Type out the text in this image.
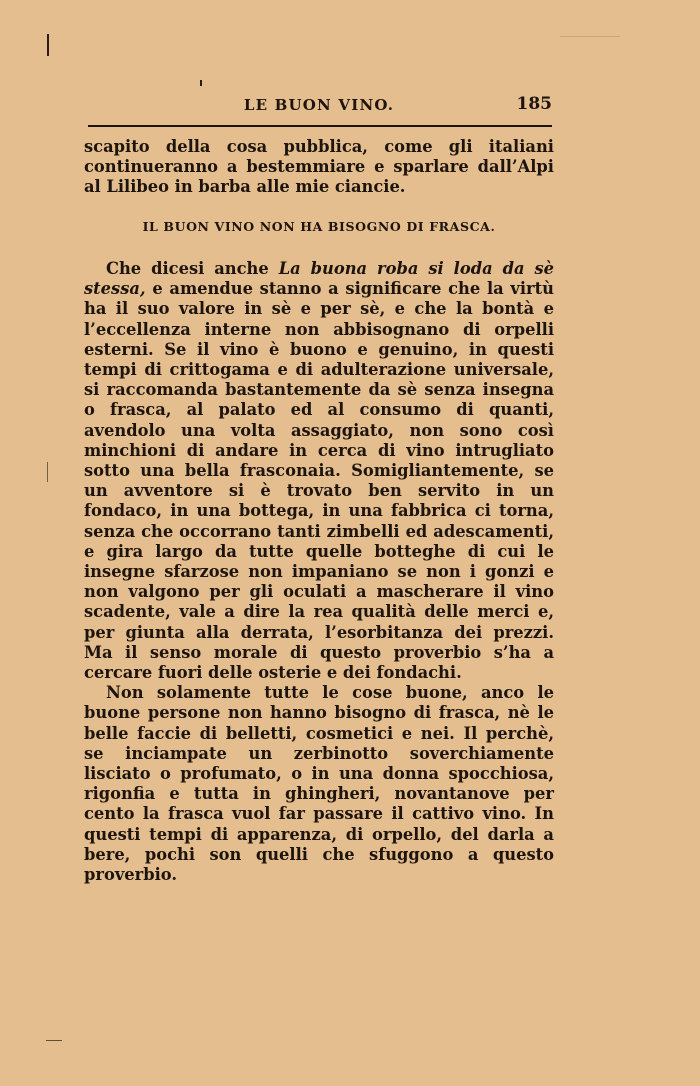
LE BUON VINO.	185

scapito della cosa pubblica, come gli italiani continueranno a bestemmiare e sparlare dall’Alpi al Lilibeo in barba alle mie ciancie.

IL BUON VINO NON HA BISOGNO DI FRASCA.

Che dicesi anche La buona roba si loda da sè stessa, e amendue stanno a significare che la virtù ha il suo valore in sè e per sè, e che la bontà e l’eccellenza interne non abbisognano di orpelli esterni. Se il vino è buono e genuino, in questi tempi di crittogama e di adulterazione universale, si raccomanda bastantemente da sè senza insegna o frasca, al palato ed al consumo di quanti, avendolo una volta assaggiato, non sono così minchioni di andare in cerca di vino intrugliato sotto una bella frasconaia. Somigliantemente, se un avventore si è trovato ben servito in un fondaco, in una bottega, in una fabbrica ci torna, senza che occorrano tanti zimbelli ed adescamenti, e gira largo da tutte quelle botteghe di cui le insegne sfarzose non impaniano se non i gonzi e non valgono per gli oculati a mascherare il vino scadente, vale a dire la rea qualità delle merci e, per giunta alla derrata, l’esorbitanza dei prezzi. Ma il senso morale di questo proverbio s’ha a cercare fuori delle osterie e dei fondachi.

Non solamente tutte le cose buone, anco le buone persone non hanno bisogno di frasca, nè le belle faccie di belletti, cosmetici e nei. Il perchè, se inciampate un zerbinotto soverchiamente lisciato o profumato, o in una donna spocchiosa, rigonfia e tutta in ghingheri, novantanove per cento la frasca vuol far passare il cattivo vino. In questi tempi di apparenza, di orpello, del darla a bere, pochi son quelli che sfuggono a questo proverbio.
